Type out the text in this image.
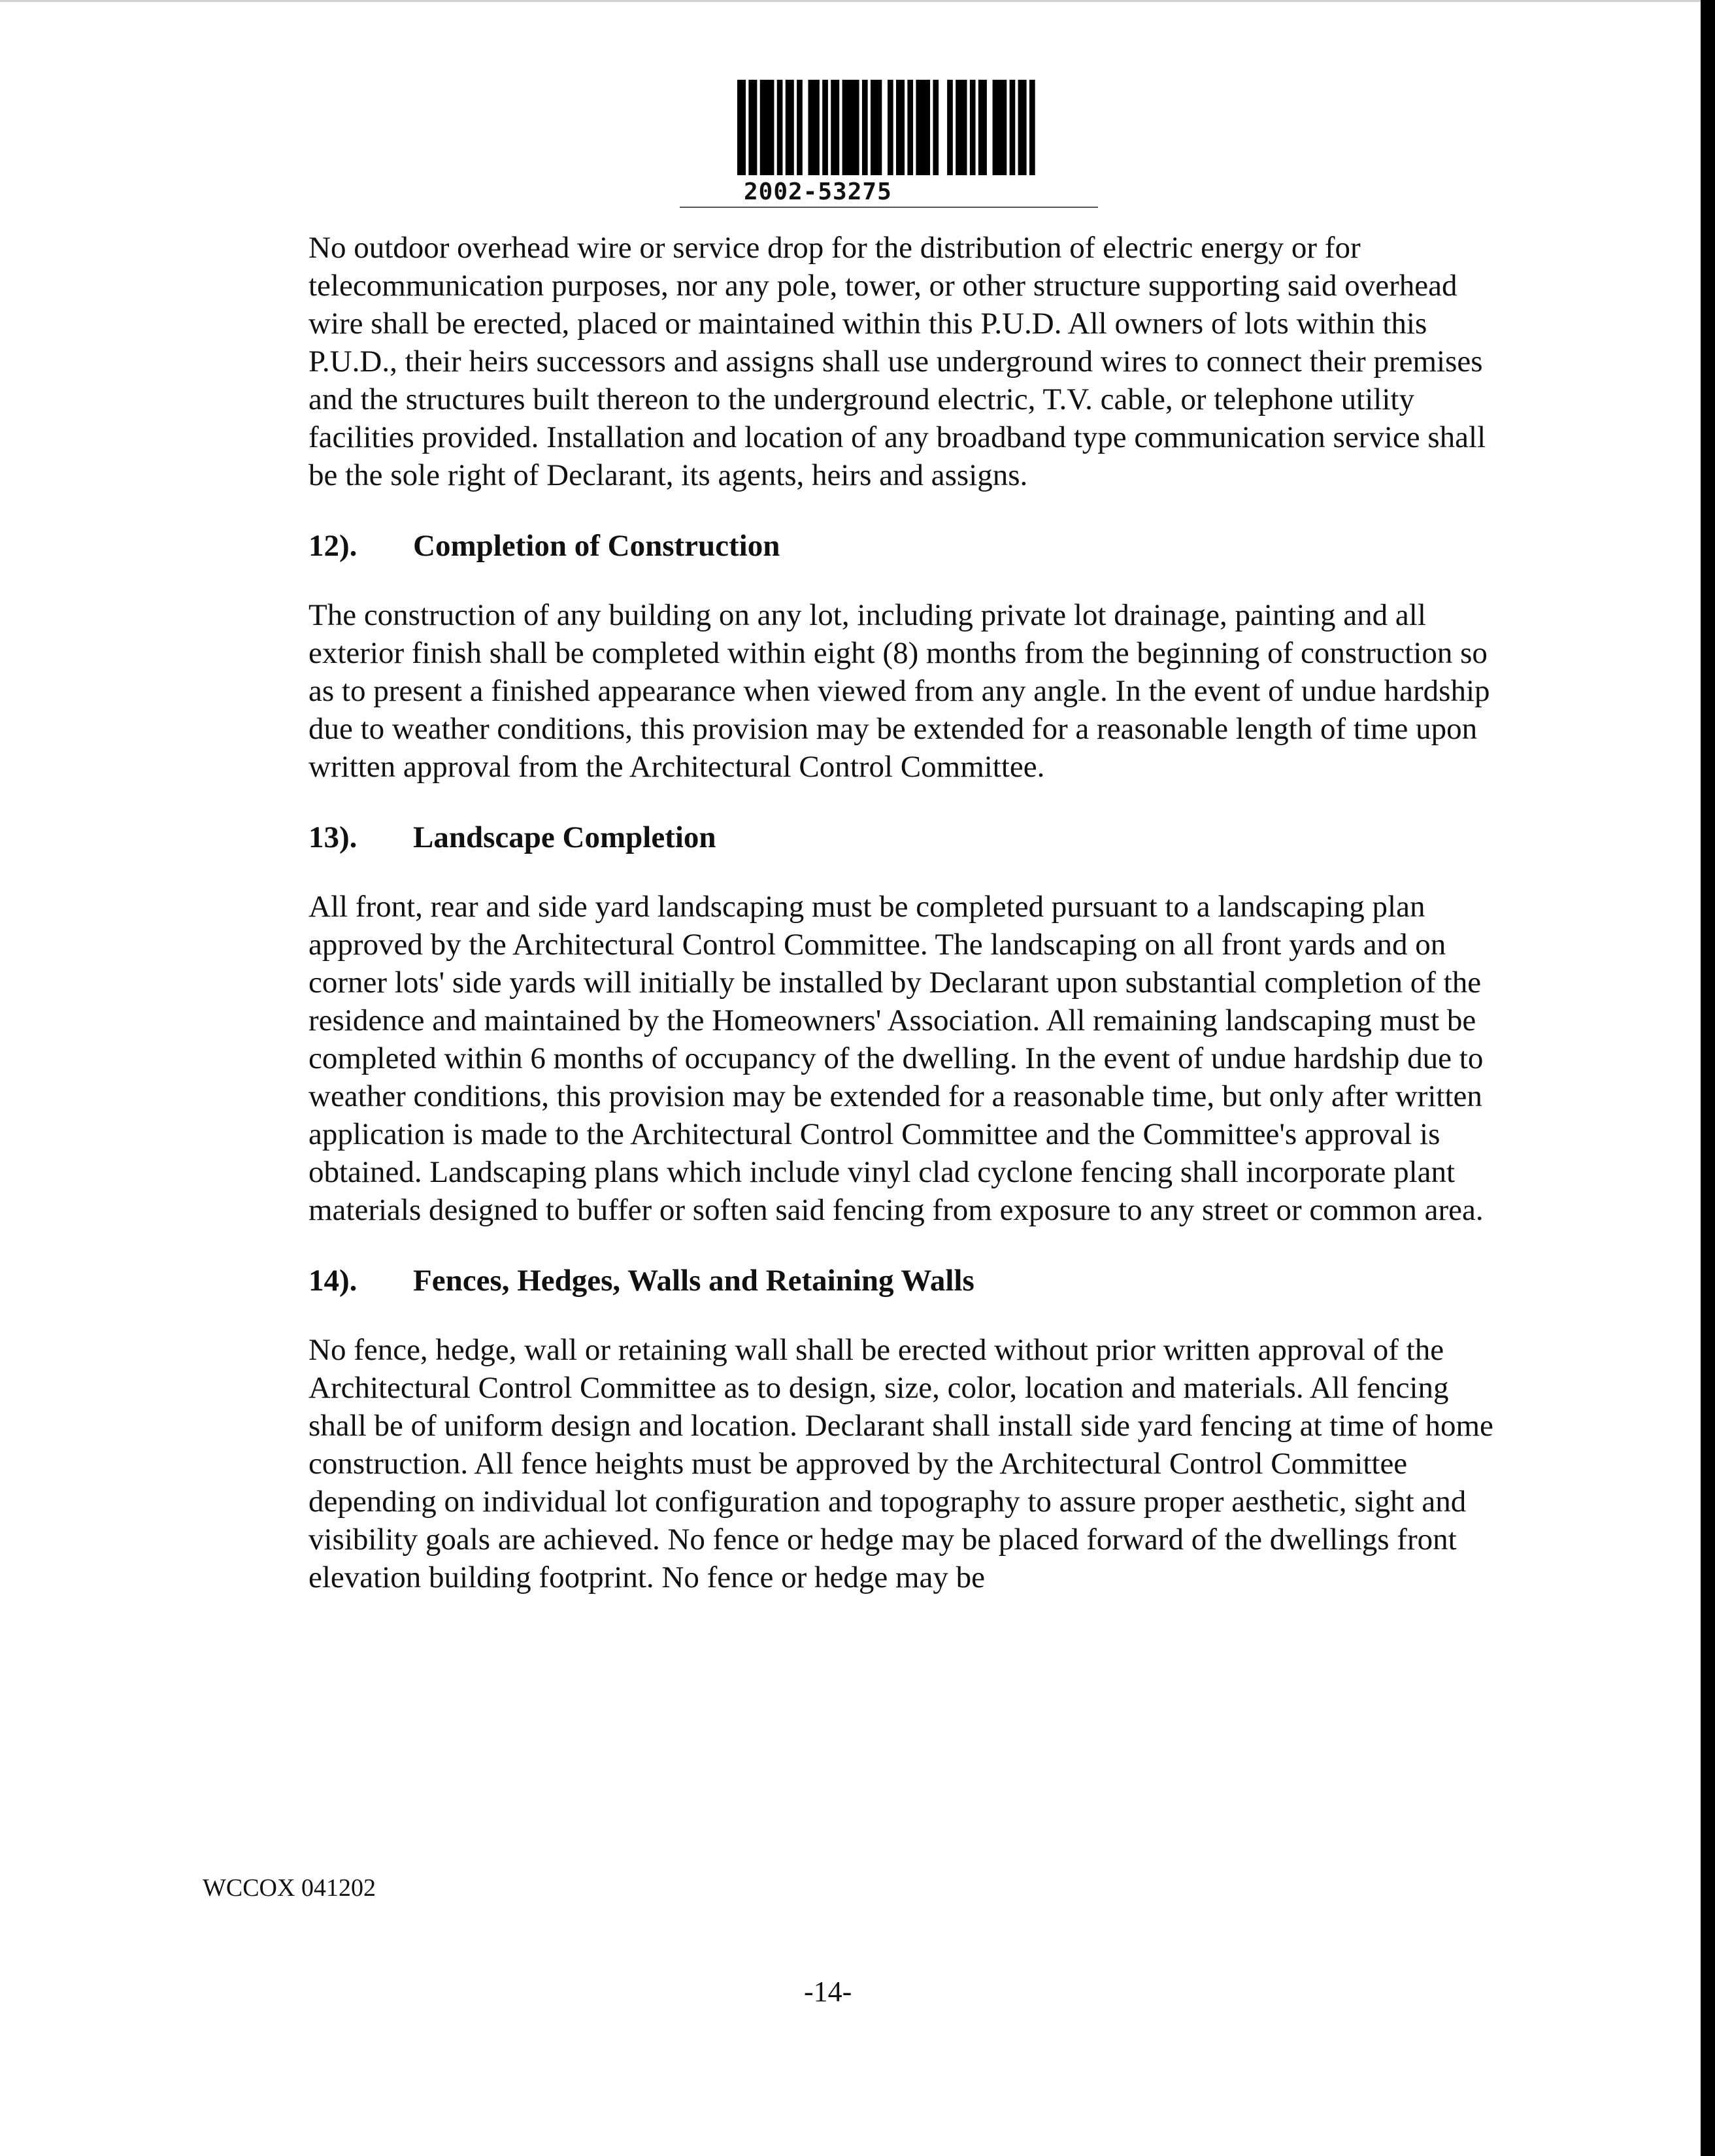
2002-53275

No outdoor overhead wire or service drop for the distribution of electric energy or for telecommunication purposes, nor any pole, tower, or other structure supporting said overhead wire shall be erected, placed or maintained within this P.U.D. All owners of lots within this P.U.D., their heirs successors and assigns shall use underground wires to connect their premises and the structures built thereon to the underground electric, T.V. cable, or telephone utility facilities provided. Installation and location of any broadband type communication service shall be the sole right of Declarant, its agents, heirs and assigns.

12).	Completion of Construction

The construction of any building on any lot, including private lot drainage, painting and all exterior finish shall be completed within eight (8) months from the beginning of construction so as to present a finished appearance when viewed from any angle. In the event of undue hardship due to weather conditions, this provision may be extended for a reasonable length of time upon written approval from the Architectural Control Committee.

13).	Landscape Completion

All front, rear and side yard landscaping must be completed pursuant to a landscaping plan approved by the Architectural Control Committee. The landscaping on all front yards and on corner lots' side yards will initially be installed by Declarant upon substantial completion of the residence and maintained by the Homeowners' Association. All remaining landscaping must be completed within 6 months of occupancy of the dwelling. In the event of undue hardship due to weather conditions, this provision may be extended for a reasonable time, but only after written application is made to the Architectural Control Committee and the Committee's approval is obtained. Landscaping plans which include vinyl clad cyclone fencing shall incorporate plant materials designed to buffer or soften said fencing from exposure to any street or common area.

14).	Fences, Hedges, Walls and Retaining Walls

No fence, hedge, wall or retaining wall shall be erected without prior written approval of the Architectural Control Committee as to design, size, color, location and materials. All fencing shall be of uniform design and location. Declarant shall install side yard fencing at time of home construction. All fence heights must be approved by the Architectural Control Committee depending on individual lot configuration and topography to assure proper aesthetic, sight and visibility goals are achieved. No fence or hedge may be placed forward of the dwellings front elevation building footprint. No fence or hedge may be

WCCOX 041202
-14-
